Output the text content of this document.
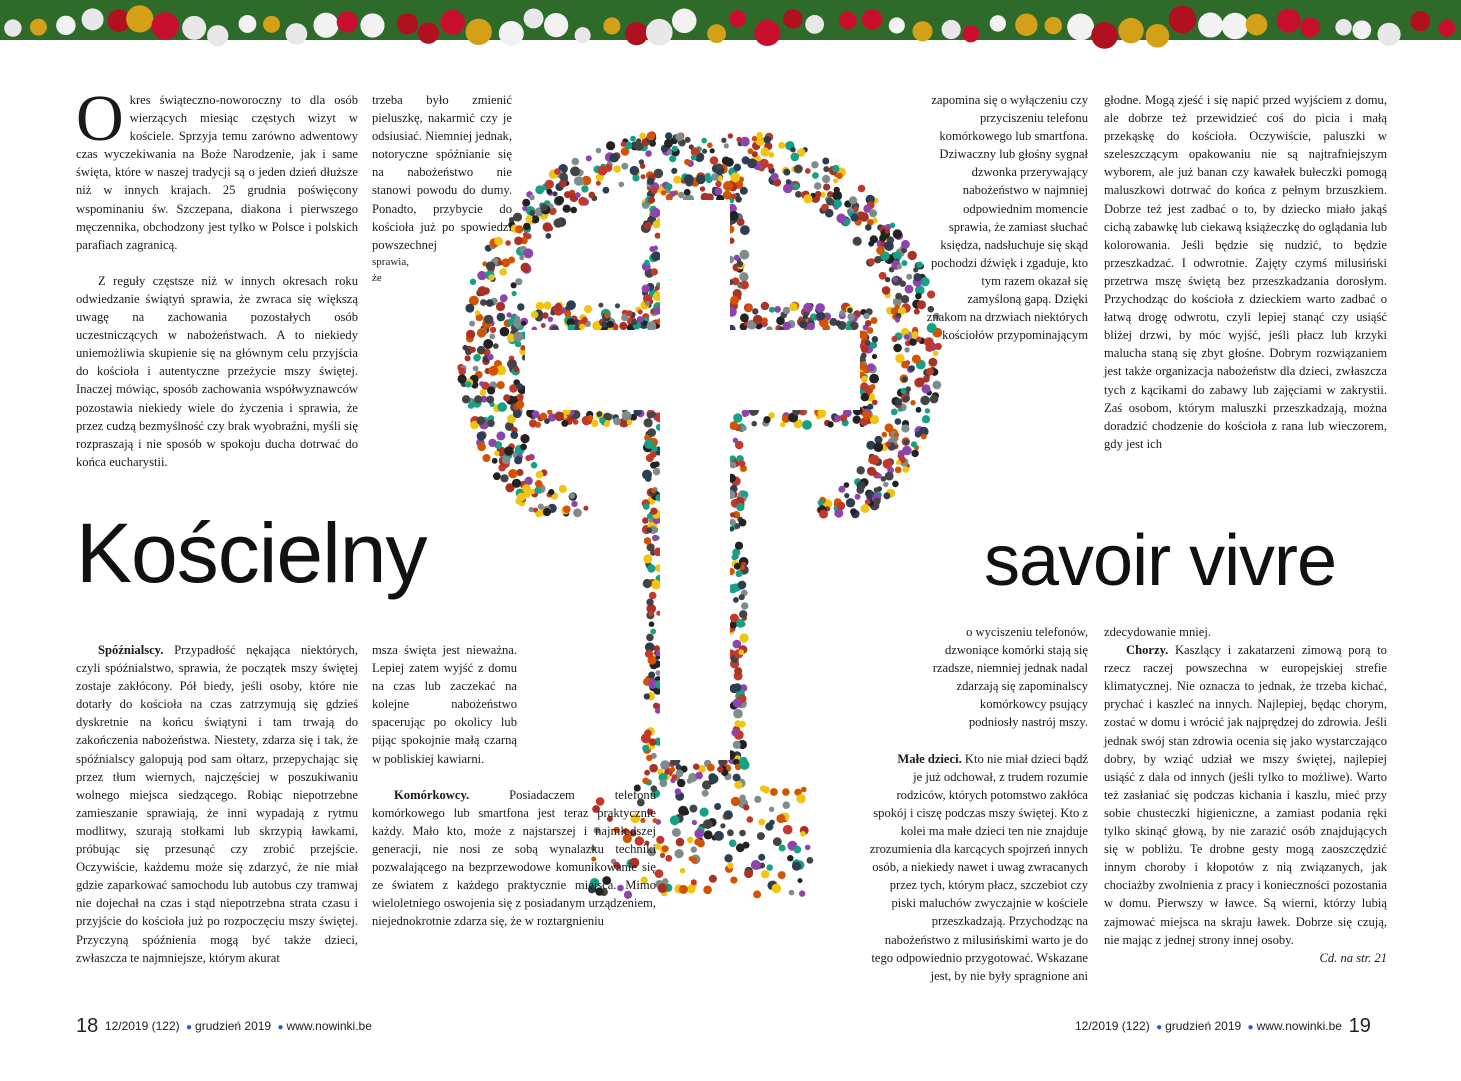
Okres świąteczno-noworoczny to dla osób wierzących miesiąc częstych wizyt w kościele. Sprzyja temu zarówno adwentowy czas wyczekiwania na Boże Narodzenie, jak i same święta, które w naszej tradycji są o jeden dzień dłuższe niż w innych krajach. 25 grudnia poświęcony wspominaniu św. Szczepana, diakona i pierwszego męczennika, obchodzony jest tylko w Polsce i polskich parafiach zagranicą.

Z reguły częstsze niż w innych okresach roku odwiedzanie świątyń sprawia, że zwraca się większą uwagę na zachowania pozostałych osób uczestniczących w nabożeństwach. A to niekiedy uniemożliwia skupienie się na głównym celu przyjścia do kościoła i autentyczne przeżycie mszy świętej. Inaczej mówiąc, sposób zachowania współwyznawców pozostawia niekiedy wiele do życzenia i sprawia, że przez cudzą bezmyślność czy brak wyobraźni, myśli się rozpraszają i nie sposób w spokoju ducha dotrwać do końca eucharystii.

trzeba było zmienić pieluszkę, nakarmić czy je odsiusiać. Niemniej jednak, notoryczne spóźnianie się na nabożeństwo nie stanowi powodu do dumy. Ponadto, przybycie do kościoła już po spowiedzi powszechnej

sprawia,
że

zapomina się o wyłączeniu czy przyciszeniu telefonu komórkowego lub smartfona. Dziwaczny lub głośny sygnał dzwonka przerywający nabożeństwo w najmniej odpowiednim momencie sprawia, że zamiast słuchać księdza, nadsłuchuje się skąd pochodzi dźwięk i zgaduje, kto tym razem okazał się zamyśloną gapą. Dzięki znakom na drzwiach niektórych kościołów przypominającym

głodne. Mogą zjeść i się napić przed wyjściem z domu, ale dobrze też przewidzieć coś do picia i małą przekąskę do kościoła. Oczywiście, paluszki w szeleszczącym opakowaniu nie są najtrafniejszym wyborem, ale już banan czy kawałek bułeczki pomogą maluszkowi dotrwać do końca z pełnym brzuszkiem. Dobrze też jest zadbać o to, by dziecko miało jakąś cichą zabawkę lub ciekawą książeczkę do oglądania lub kolorowania. Jeśli będzie się nudzić, to będzie przeszkadzać. I odwrotnie. Zajęty czymś milusiński przetrwa mszę świętą bez przeszkadzania dorosłym. Przychodząc do kościoła z dzieckiem warto zadbać o łatwą drogę odwrotu, czyli lepiej stanąć czy usiąść bliżej drzwi, by móc wyjść, jeśli płacz lub krzyki malucha staną się zbyt głośne. Dobrym rozwiązaniem jest także organizacja nabożeństw dla dzieci, zwłaszcza tych z kącikami do zabawy lub zajęciami w zakrystii. Zaś osobom, którym maluszki przeszkadzają, można doradzić chodzenie do kościoła z rana lub wieczorem, gdy jest ich

Kościelny	savoir vivre

Spóźnialscy. Przypadłość nękająca niektórych, czyli spóźnialstwo, sprawia, że początek mszy świętej zostaje zakłócony. Pół biedy, jeśli osoby, które nie dotarły do kościoła na czas zatrzymują się gdzieś dyskretnie na końcu świątyni i tam trwają do zakończenia nabożeństwa. Niestety, zdarza się i tak, że spóźnialscy galopują pod sam ołtarz, przepychając się przez tłum wiernych, najczęściej w poszukiwaniu wolnego miejsca siedzącego. Robiąc niepotrzebne zamieszanie sprawiają, że inni wypadają z rytmu modlitwy, szurają stołkami lub skrzypią ławkami, próbując się przesunąć czy zrobić przejście. Oczywiście, każdemu może się zdarzyć, że nie miał gdzie zaparkować samochodu lub autobus czy tramwaj nie dojechał na czas i stąd niepotrzebna strata czasu i przyjście do kościoła już po rozpoczęciu mszy świętej. Przyczyną spóźnienia mogą być także dzieci, zwłaszcza te najmniejsze, którym akurat

msza święta jest nieważna. Lepiej zatem wyjść z domu na czas lub zaczekać na kolejne nabożeństwo spacerując po okolicy lub pijąc spokojnie małą czarną w pobliskiej kawiarni.

Komórkowcy.	Posiadaczem telefonu komórkowego lub smartfona jest teraz praktycznie każdy. Mało kto, może z najstarszej i najmłodszej generacji, nie nosi ze sobą wynalazku techniki pozwalającego na bezprzewodowe komunikowanie się ze światem z każdego praktycznie miejsca. Mimo wieloletniego oswojenia się z posiadanym urządzeniem, niejednokrotnie zdarza się, że w roztargnieniu

o wyciszeniu telefonów, dzwoniące komórki stają się rzadsze, niemniej jednak nadal zdarzają się zapominalscy komórkowcy psujący podniosły nastrój mszy.

Małe dzieci. Kto nie miał dzieci bądź je już odchował, z trudem rozumie rodziców, których potomstwo zakłóca spokój i ciszę podczas mszy świętej. Kto z kolei ma małe dzieci ten nie znajduje zrozumienia dla karcących spojrzeń innych osób, a niekiedy nawet i uwag zwracanych przez tych, którym płacz, szczebiot czy piski maluchów zwyczajnie w kościele przeszkadzają. Przychodząc na nabożeństwo z milusińskimi warto je do tego odpowiednio przygotować. Wskazane jest, by nie były spragnione ani

zdecydowanie mniej.

Chorzy. Kaszlący i zakatarzeni zimową porą to rzecz raczej powszechna w europejskiej strefie klimatycznej. Nie oznacza to jednak, że trzeba kichać, prychać i kaszleć na innych. Najlepiej, będąc chorym, zostać w domu i wrócić jak najprędzej do zdrowia. Jeśli jednak swój stan zdrowia ocenia się jako wystarczająco dobry, by wziąć udział we mszy świętej, najlepiej usiąść z dala od innych (jeśli tylko to możliwe). Warto też zasłaniać się podczas kichania i kaszlu, mieć przy sobie chusteczki higieniczne, a zamiast podania ręki tylko skinąć głową, by nie zarazić osób znajdujących się w pobliżu. Te drobne gesty mogą zaoszczędzić innym choroby i kłopotów z nią związanych, jak chociażby zwolnienia z pracy i konieczności pozostania w domu. Pierwszy w ławce. Są wierni, którzy lubią zajmować miejsca na skraju ławek. Dobrze się czują, nie mając z jednej strony innej osoby.

Cd. na str. 21

18 12/2019 (122) ● grudzień 2019 ● www.nowinki.be	12/2019 (122) ● grudzień 2019 ● www.nowinki.be 19
